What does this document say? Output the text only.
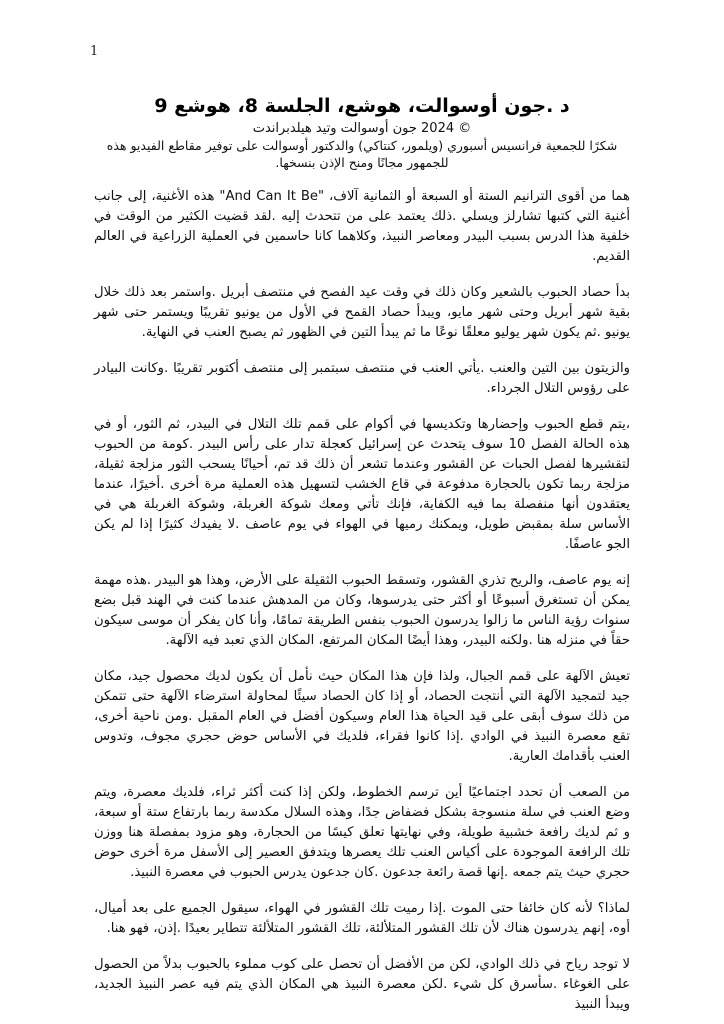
1
د .جون أوسوالت، هوشع، الجلسة 8، هوشع 9

© 2024 جون أوسوالت وتيد هيلدبراندت

شكرًا للجمعية فرانسيس أسبوري (ويلمور، كنتاكي) والدكتور أوسوالت على توفير مقاطع الفيديو هذه للجمهور مجانًا ومنح الإذن بنسخها.

هما من أقوى الترانيم الستة أو السبعة أو الثمانية آلاف، "And Can It Be" هذه الأغنية، إلى جانب أغنية التي كتبها تشارلز ويسلي .ذلك يعتمد على من تتحدث إليه .لقد قضيت الكثير من الوقت في خلفية هذا الدرس بسبب البيدر ومعاصر النبيذ، وكلاهما كانا حاسمين في العملية الزراعية في العالم القديم.

بدأ حصاد الحبوب بالشعير وكان ذلك في وقت عيد الفصح في منتصف أبريل .واستمر بعد ذلك خلال بقية شهر أبريل وحتى شهر مايو، ويبدأ حصاد القمح في الأول من يونيو تقريبًا ويستمر حتى شهر يونيو .ثم يكون شهر يوليو معلقًا نوعًا ما ثم يبدأ التين في الظهور ثم يصبح العنب في النهاية.

والزيتون بين التين والعنب .يأتي العنب في منتصف سبتمبر إلى منتصف أكتوبر تقريبًا .وكانت البيادر على رؤوس التلال الجرداء.

،يتم قطع الحبوب وإحضارها وتكديسها في أكوام على قمم تلك التلال في البيدر، ثم الثور، أو في هذه الحالة الفصل 10 سوف يتحدث عن إسرائيل كعجلة تدار على رأس البيدر .كومة من الحبوب لتقشيرها لفصل الحبات عن القشور وعندما تشعر أن ذلك قد تم، أحيانًا يسحب الثور مزلجة ثقيلة، مزلجة ربما تكون بالحجارة مدفوعة في قاع الخشب لتسهيل هذه العملية مرة أخرى .أخيرًا، عندما يعتقدون أنها منفصلة بما فيه الكفاية، فإنك تأتي ومعك شوكة الغربلة، وشوكة الغربلة هي في الأساس سلة بمقبض طويل، ويمكنك رميها في الهواء في يوم عاصف .لا يفيدك كثيرًا إذا لم يكن الجو عاصفًا.

إنه يوم عاصف، والريح تذري القشور، وتسقط الحبوب الثقيلة على الأرض، وهذا هو البيدر .هذه مهمة يمكن أن تستغرق أسبوعًا أو أكثر حتى يدرسوها، وكان من المدهش عندما كنت في الهند قبل بضع سنوات رؤية الناس ما زالوا يدرسون الحبوب بنفس الطريقة تمامًا، وأنا كان يفكر أن موسى سيكون حقاً في منزله هنا .ولكنه البيدر، وهذا أيضًا المكان المرتفع، المكان الذي تعبد فيه الآلهة.

تعيش الآلهة على قمم الجبال، ولذا فإن هذا المكان حيث نأمل أن يكون لديك محصول جيد، مكان جيد لتمجيد الآلهة التي أنتجت الحصاد، أو إذا كان الحصاد سيئًا لمحاولة استرضاء الآلهة حتى تتمكن من ذلك سوف أبقى على قيد الحياة هذا العام وسيكون أفضل في العام المقبل .ومن ناحية أخرى، تقع معصرة النبيذ في الوادي .إذا كانوا فقراء، فلديك في الأساس حوض حجري مجوف، وتدوس العنب بأقدامك العارية.

من الصعب أن تحدد اجتماعيًا أين ترسم الخطوط، ولكن إذا كنت أكثر ثراء، فلديك معصرة، ويتم وضع العنب في سلة منسوجة بشكل فضفاض جدًا، وهذه السلال مكدسة ربما بارتفاع ستة أو سبعة، و ثم لديك رافعة خشبية طويلة، وفي نهايتها تعلق كيسًا من الحجارة، وهو مزود بمفصلة هنا ووزن تلك الرافعة الموجودة على أكياس العنب تلك يعصرها ويتدفق العصير إلى الأسفل مرة أخرى حوض حجري حيث يتم جمعه .إنها قصة رائعة جدعون .كان جدعون يدرس الحبوب في معصرة النبيذ.

لماذا؟ لأنه كان خائفا حتى الموت .إذا رميت تلك القشور في الهواء، سيقول الجميع على بعد أميال، أوه، إنهم يدرسون هناك لأن تلك القشور المتلألئة، تلك القشور المتلألئة تتطاير بعيدًا .إذن، فهو هنا.

لا توجد رياح في ذلك الوادي، لكن من الأفضل أن تحصل على كوب مملوء بالحبوب بدلاً من الحصول على الغوغاء .سأسرق كل شيء .لكن معصرة النبيذ هي المكان الذي يتم فيه عصر النبيذ الجديد، ويبدأ النبيذ
